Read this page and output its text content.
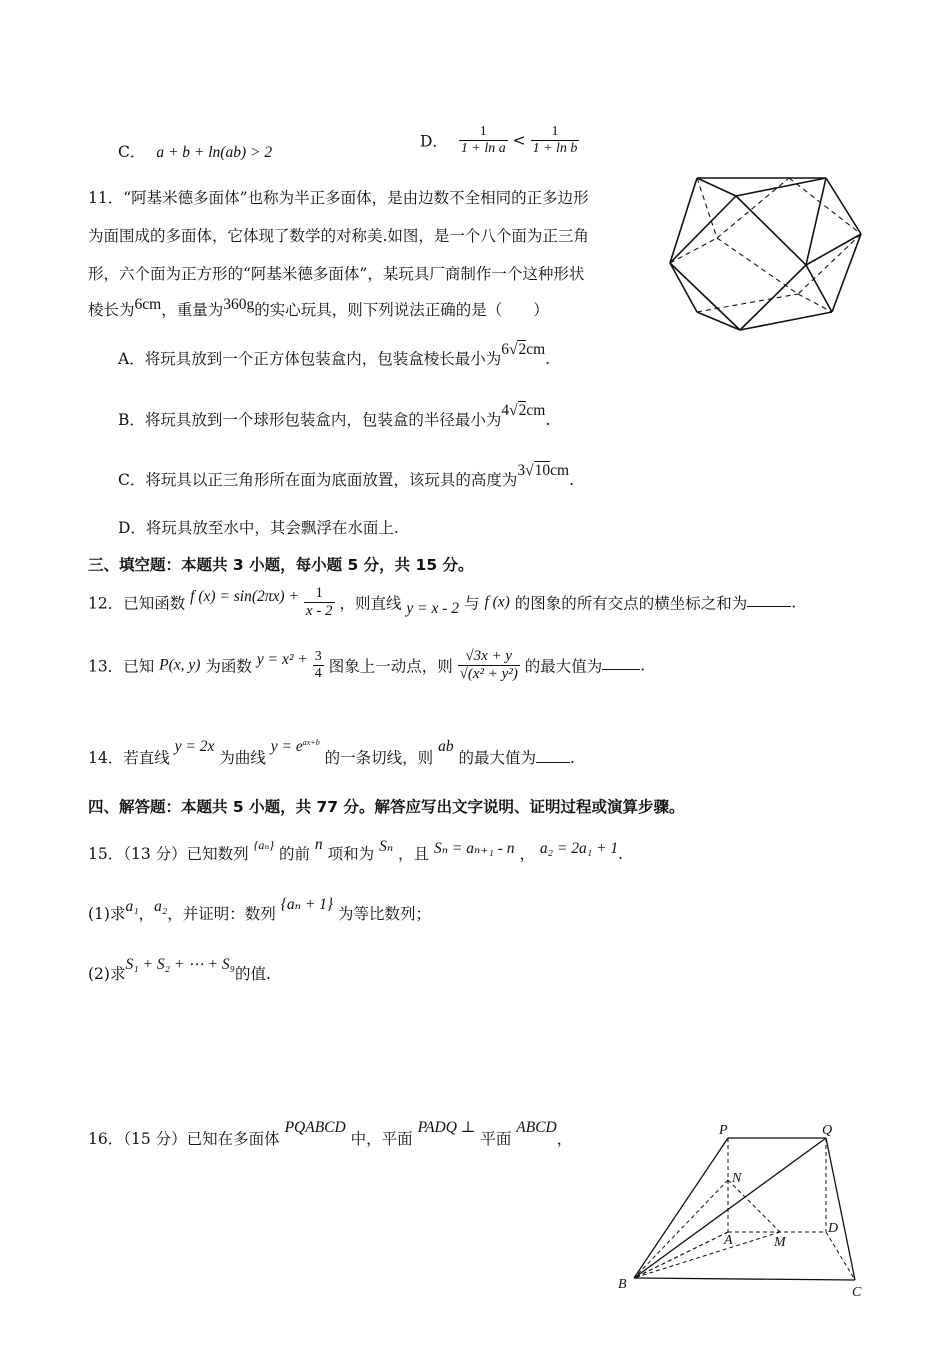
C． a + b + ln(ab) > 2
D． $\frac{1}{\text{1 + ln a}} < \frac{1}{\text{1 + ln b}}$
11．“阿基米德多面体”也称为半正多面体，是由边数不全相同的正多边形
为面围成的多面体，它体现了数学的对称美.如图，是一个八个面为正三角
形，六个面为正方形的“阿基米德多面体”，某玩具厂商制作一个这种形状
棱长为6cm，重量为360g的实心玩具，则下列说法正确的是（　　）
A．将玩具放到一个正方体包装盒内，包装盒棱长最小为6√2cm.
B．将玩具放到一个球形包装盒内，包装盒的半径最小为4√2cm.
C．将玩具以正三角形所在面为底面放置，该玩具的高度为3√10cm.
D．将玩具放至水中，其会飘浮在水面上.
三、填空题：本题共 3 小题，每小题 5 分，共 15 分。
12．已知函数 f $(x) = \sin(2\pi x) + \frac{1}{x - 2}$ ，则直线 y = x - 2 与 f (x) 的图象的所有交点的横坐标之和为	.
13．已知 P(x, y) 为函数 $y = x^2 + \frac{3}{4}$ 图象上一动点，则 $\frac{√3x + y}{\text{√(x² + y²)}}$ 的最大值为 .
14．若直线 y = 2x 为曲线 $y = e^{ax+b}$ 的一条切线，则 ab 的最大值为 .
四、解答题：本题共 5 小题，共 77 分。解答应写出文字说明、证明过程或演算步骤。
15．（13 分）已知数列 $^{\{a_n\}}$ 的前 n 项和为 Sₙ ，且 Sₙ = aₙ₊₁ - n ， a₂ = 2a₁ + 1.
(1)求a₁，a₂，并证明：数列 {aₙ + 1} 为等比数列；
(2)求S₁ + S₂ + ⋯ + S₉的值.
16．（15 分）已知在多面体 PQABCD 中，平面 PADQ ⊥ 平面 ABCD，	P	Q
N
A	M
D
B
C
